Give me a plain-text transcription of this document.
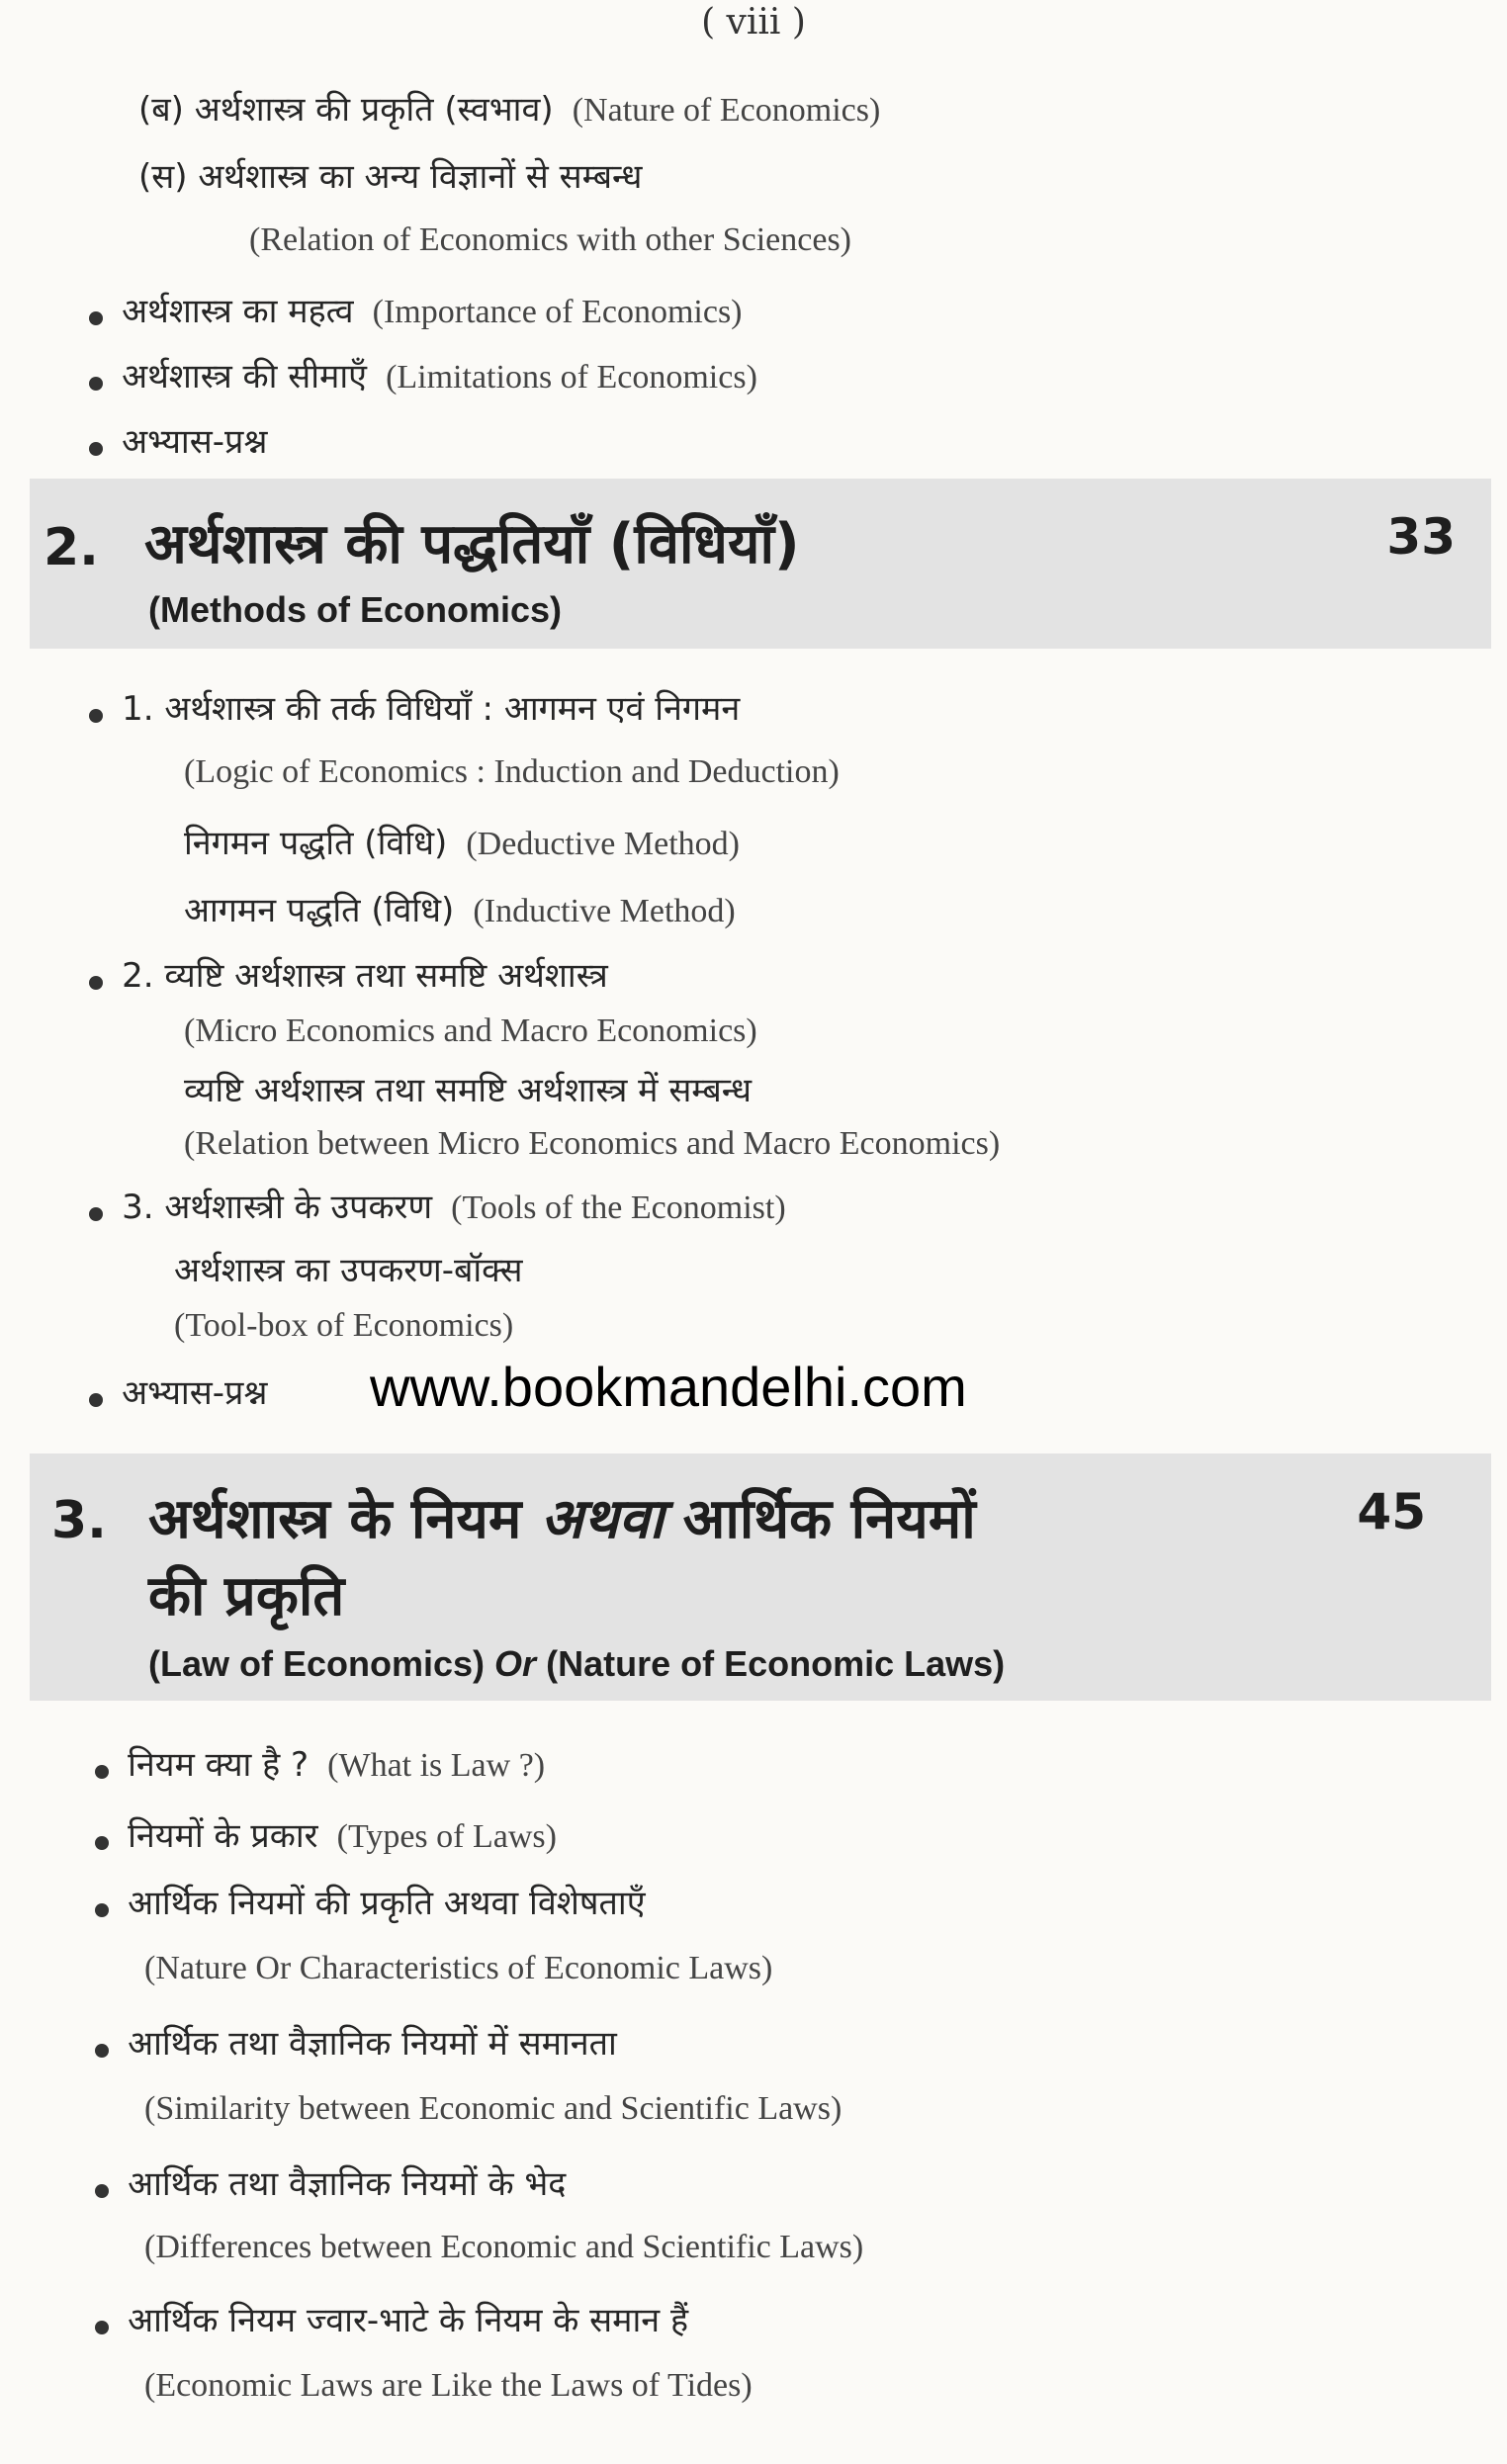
( viii )
(ब) अर्थशास्त्र की प्रकृति (स्वभाव) (Nature of Economics)
(स) अर्थशास्त्र का अन्य विज्ञानों से सम्बन्ध
(Relation of Economics with other Sciences)
अर्थशास्त्र का महत्व (Importance of Economics)
अर्थशास्त्र की सीमाएँ (Limitations of Economics)
अभ्यास-प्रश्न
2. अर्थशास्त्र की पद्धतियाँ (विधियाँ)
(Methods of Economics)
33
1. अर्थशास्त्र की तर्क विधियाँ : आगमन एवं निगमन
(Logic of Economics : Induction and Deduction)
निगमन पद्धति (विधि) (Deductive Method)
आगमन पद्धति (विधि) (Inductive Method)
2. व्यष्टि अर्थशास्त्र तथा समष्टि अर्थशास्त्र
(Micro Economics and Macro Economics)
व्यष्टि अर्थशास्त्र तथा समष्टि अर्थशास्त्र में सम्बन्ध
(Relation between Micro Economics and Macro Economics)
3. अर्थशास्त्री के उपकरण (Tools of the Economist)
अर्थशास्त्र का उपकरण-बॉक्स
(Tool-box of Economics)
अभ्यास-प्रश्न www.bookmandelhi.com
3. अर्थशास्त्र के नियम अथवा आर्थिक नियमों
की प्रकृति
(Law of Economics) Or (Nature of Economic Laws)
45
नियम क्या है ? (What is Law ?)
नियमों के प्रकार (Types of Laws)
आर्थिक नियमों की प्रकृति अथवा विशेषताएँ
(Nature Or Characteristics of Economic Laws)
आर्थिक तथा वैज्ञानिक नियमों में समानता
(Similarity between Economic and Scientific Laws)
आर्थिक तथा वैज्ञानिक नियमों के भेद
(Differences between Economic and Scientific Laws)
आर्थिक नियम ज्वार-भाटे के नियम के समान हैं
(Economic Laws are Like the Laws of Tides)
